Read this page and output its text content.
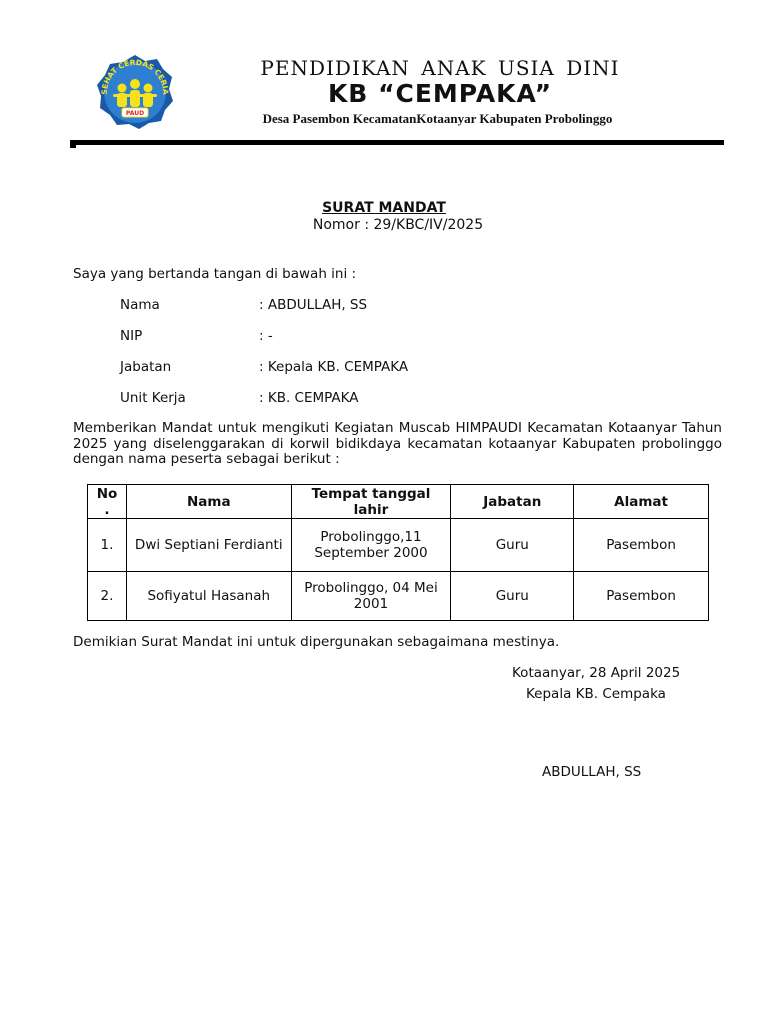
SEHAT CERDAS CERIA
PAUD
PENDIDIKAN ANAK USIA DINI
KB “CEMPAKA”
Desa Pasembon KecamatanKotaanyar Kabupaten Probolinggo
SURAT MANDAT
Nomor : 29/KBC/IV/2025
Saya yang bertanda tangan di bawah ini :
Nama	: ABDULLAH, SS
NIP	: -
Jabatan	: Kepala KB. CEMPAKA
Unit Kerja	: KB. CEMPAKA
Memberikan Mandat untuk mengikuti Kegiatan Muscab HIMPAUDI Kecamatan Kotaanyar Tahun 2025 yang diselenggarakan di korwil bidikdaya kecamatan kotaanyar Kabupaten probolinggo dengan nama peserta sebagai berikut :
No .	Nama	Tempat tanggal lahir	Jabatan	Alamat
1.	Dwi Septiani Ferdianti	Probolinggo,11 September 2000	Guru	Pasembon
2.	Sofiyatul Hasanah	Probolinggo, 04 Mei 2001	Guru	Pasembon
Demikian Surat Mandat ini untuk dipergunakan sebagaimana mestinya.
Kotaanyar, 28 April 2025
Kepala KB. Cempaka
ABDULLAH, SS
